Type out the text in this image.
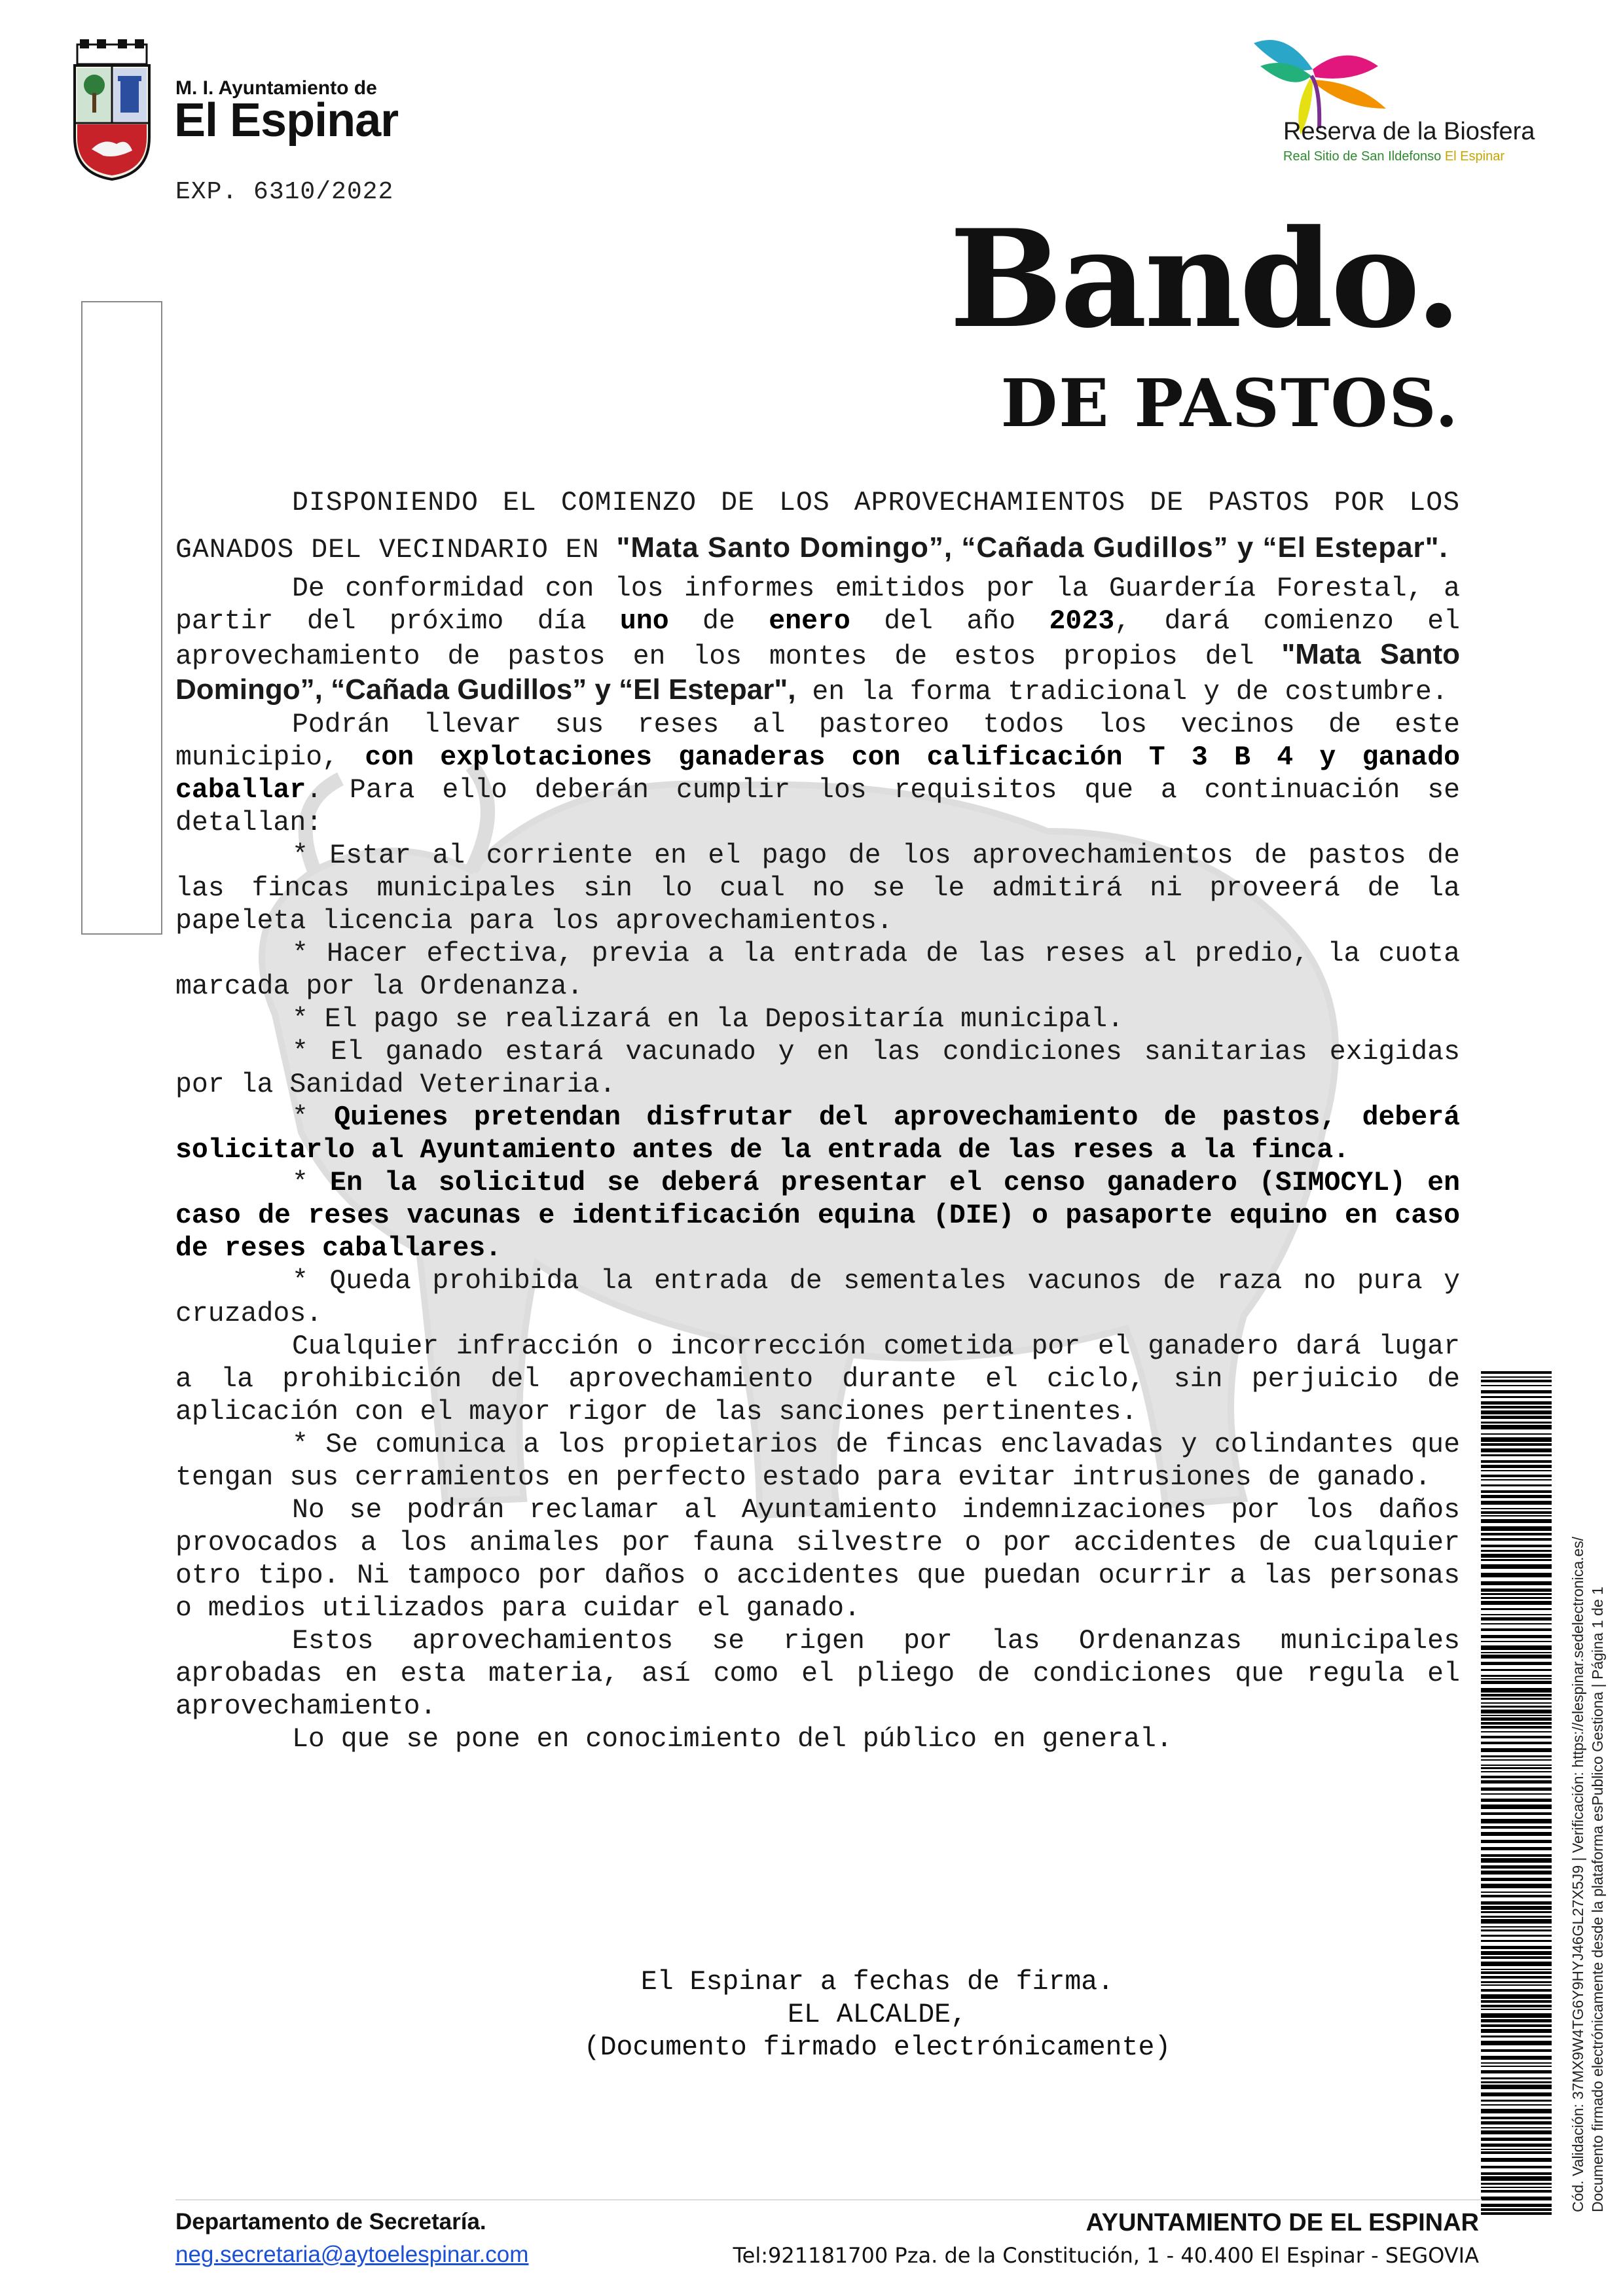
M. I. Ayuntamiento de
El Espinar
EXP. 6310/2022
Reserva de la Biosfera
Real Sitio de San Ildefonso El Espinar
Bando.
DE PASTOS.

DISPONIENDO EL COMIENZO DE LOS APROVECHAMIENTOS DE PASTOS POR LOS GANADOS DEL VECINDARIO EN "Mata Santo Domingo”, “Cañada Gudillos” y “El Estepar".

De conformidad con los informes emitidos por la Guardería Forestal, a partir del próximo día uno de enero del año 2023, dará comienzo el aprovechamiento de pastos en los montes de estos propios del "Mata Santo Domingo”, “Cañada Gudillos” y “El Estepar", en la forma tradicional y de costumbre.

Podrán llevar sus reses al pastoreo todos los vecinos de este municipio, con explotaciones ganaderas con calificación T 3 B 4 y ganado caballar. Para ello deberán cumplir los requisitos que a continuación se detallan:

* Estar al corriente en el pago de los aprovechamientos de pastos de las fincas municipales sin lo cual no se le admitirá ni proveerá de la papeleta licencia para los aprovechamientos.

* Hacer efectiva, previa a la entrada de las reses al predio, la cuota marcada por la Ordenanza.

* El pago se realizará en la Depositaría municipal.

* El ganado estará vacunado y en las condiciones sanitarias exigidas por la Sanidad Veterinaria.

* Quienes pretendan disfrutar del aprovechamiento de pastos, deberá solicitarlo al Ayuntamiento antes de la entrada de las reses a la finca.

* En la solicitud se deberá presentar el censo ganadero (SIMOCYL) en caso de reses vacunas e identificación equina (DIE) o pasaporte equino en caso de reses caballares.

* Queda prohibida la entrada de sementales vacunos de raza no pura y cruzados.

Cualquier infracción o incorrección cometida por el ganadero dará lugar a la prohibición del aprovechamiento durante el ciclo, sin perjuicio de aplicación con el mayor rigor de las sanciones pertinentes.

* Se comunica a los propietarios de fincas enclavadas y colindantes que tengan sus cerramientos en perfecto estado para evitar intrusiones de ganado.

No se podrán reclamar al Ayuntamiento indemnizaciones por los daños provocados a los animales por fauna silvestre o por accidentes de cualquier otro tipo. Ni tampoco por daños o accidentes que puedan ocurrir a las personas o medios utilizados para cuidar el ganado.

Estos aprovechamientos se rigen por las Ordenanzas municipales aprobadas en esta materia, así como el pliego de condiciones que regula el aprovechamiento.

Lo que se pone en conocimiento del público en general.

El Espinar a fechas de firma.
EL ALCALDE,
(Documento firmado electrónicamente)	Cód. Validación: 37MX9W4TG6Y9HYJ46GL27X5J9 | Verificación: https://elespinar.sedelectronica.es/ Documento firmado electrónicamente desde la plataforma esPublico Gestiona | Página 1 de 1
Departamento de Secretaría.
neg.secretaria@aytoelespinar.com
AYUNTAMIENTO DE EL ESPINAR
Tel:921181700 Pza. de la Constitución, 1 - 40.400 El Espinar - SEGOVIA
